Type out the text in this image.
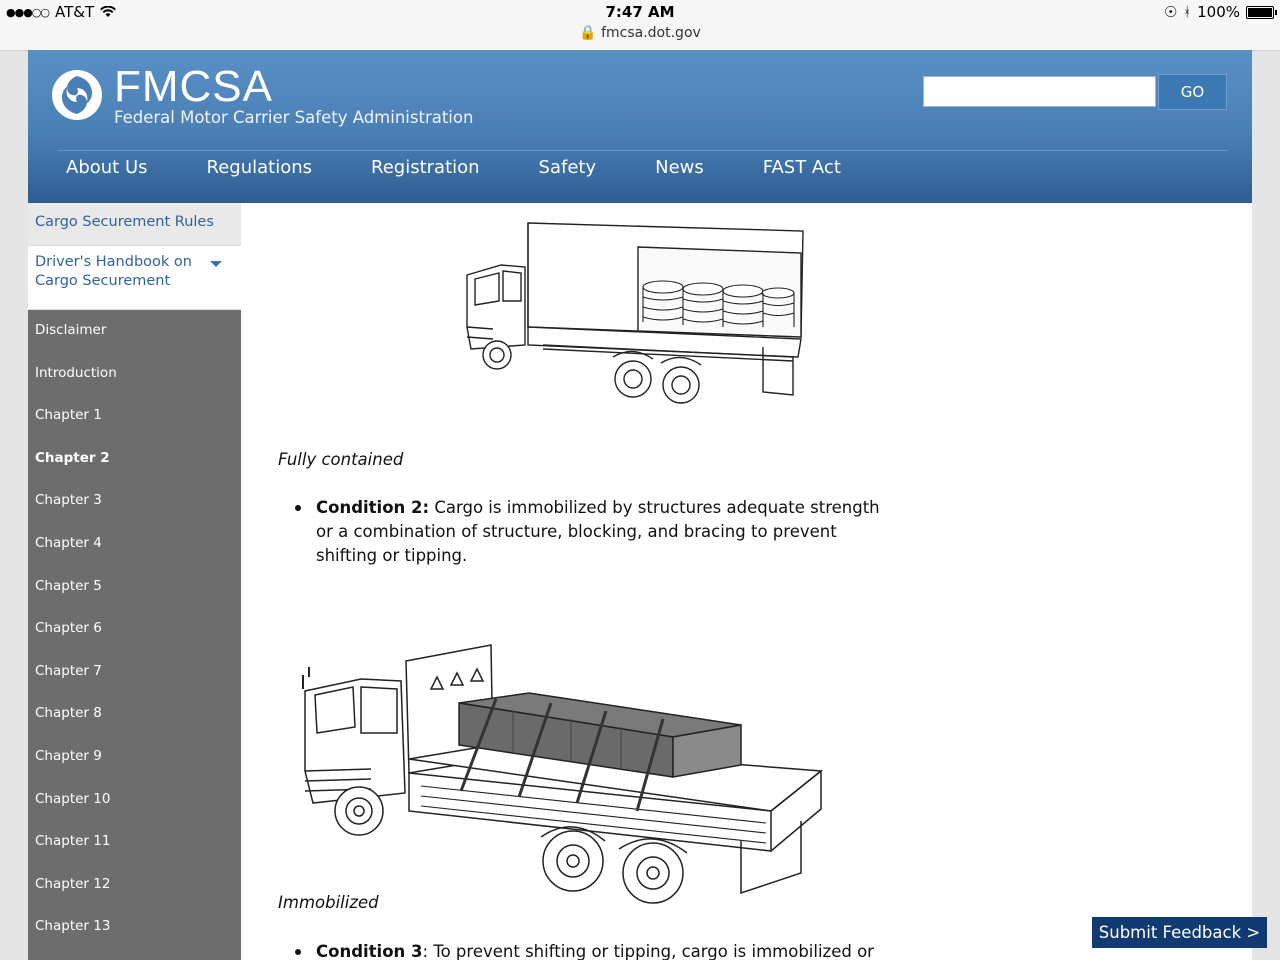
●●●○○ AT&T	7:47 AM
🔒 fmcsa.dot.gov
☉ ᚼ 100%
FMCSA
Federal Motor Carrier Safety Administration
GO
About Us	Regulations	Registration	Safety	News	FAST Act
Cargo Securement Rules
Driver's Handbook on Cargo Securement
Disclaimer
Introduction
Chapter 1
Chapter 2
Chapter 3
Chapter 4
Chapter 5
Chapter 6
Chapter 7
Chapter 8
Chapter 9
Chapter 10
Chapter 11
Chapter 12
Chapter 13
Fully contained
Condition 2: Cargo is immobilized by structures adequate strength or a combination of structure, blocking, and bracing to prevent shifting or tipping.
Immobilized
Condition 3: To prevent shifting or tipping, cargo is immobilized or
Submit Feedback >
